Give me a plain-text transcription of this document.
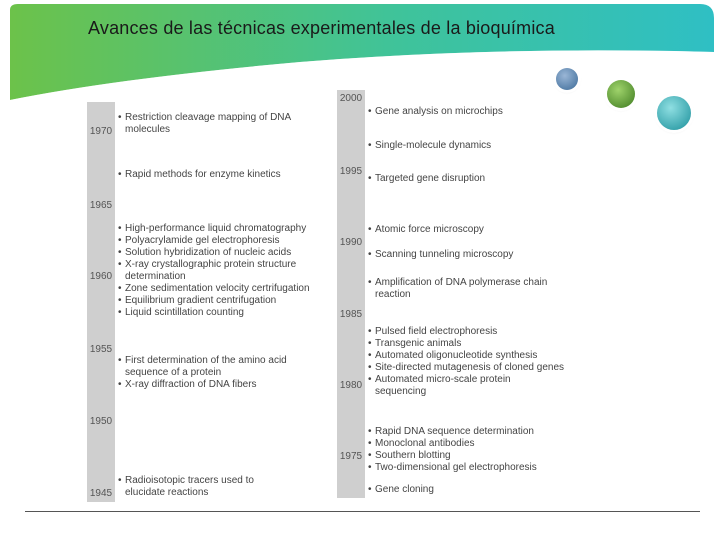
Avances de las técnicas experimentales de la bioquímica
1970
1965
1960
1955
1950
1945
• Restriction cleavage mapping of DNA molecules
• Rapid methods for enzyme kinetics
• High-performance liquid chromatography
• Polyacrylamide gel electrophoresis
• Solution hybridization of nucleic acids
• X-ray crystallographic protein structure determination
• Zone sedimentation velocity certrifugation
• Equilibrium gradient centrifugation
• Liquid scintillation counting
• First determination of the amino acid sequence of a protein
• X-ray diffraction of DNA fibers
• Radioisotopic tracers used to elucidate reactions
2000
1995
1990
1985
1980
1975
• Gene analysis on microchips
• Single-molecule dynamics
• Targeted gene disruption
• Atomic force microscopy
• Scanning tunneling microscopy
• Amplification of DNA polymerase chain reaction
• Pulsed field electrophoresis
• Transgenic animals
• Automated oligonucleotide synthesis
• Site-directed mutagenesis of cloned genes
• Automated micro-scale protein sequencing
• Rapid DNA sequence determination
• Monoclonal antibodies
• Southern blotting
• Two-dimensional gel electrophoresis
• Gene cloning
